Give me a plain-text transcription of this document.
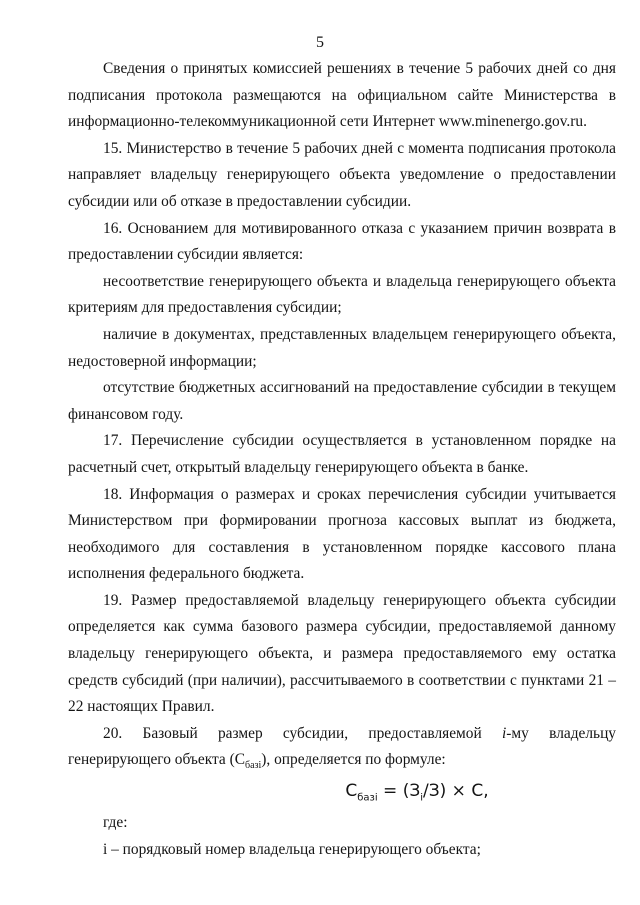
5

Сведения о принятых комиссией решениях в течение 5 рабочих дней со дня подписания протокола размещаются на официальном сайте Министерства в информационно-телекоммуникационной сети Интернет www.minenergo.gov.ru.

15. Министерство в течение 5 рабочих дней с момента подписания протокола направляет владельцу генерирующего объекта уведомление о предоставлении субсидии или об отказе в предоставлении субсидии.

16. Основанием для мотивированного отказа с указанием причин возврата в предоставлении субсидии является:

несоответствие генерирующего объекта и владельца генерирующего объекта критериям для предоставления субсидии;

наличие в документах, представленных владельцем генерирующего объекта, недостоверной информации;

отсутствие бюджетных ассигнований на предоставление субсидии в текущем финансовом году.

17. Перечисление субсидии осуществляется в установленном порядке на расчетный счет, открытый владельцу генерирующего объекта в банке.

18. Информация о размерах и сроках перечисления субсидии учитывается Министерством при формировании прогноза кассовых выплат из бюджета, необходимого для составления в установленном порядке кассового плана исполнения федерального бюджета.

19. Размер предоставляемой владельцу генерирующего объекта субсидии определяется как сумма базового размера субсидии, предоставляемой данному владельцу генерирующего объекта, и размера предоставляемого ему остатка средств субсидий (при наличии), рассчитываемого в соответствии с пунктами 21 – 22 настоящих Правил.

20. Базовый размер субсидии, предоставляемой i-му владельцу генерирующего объекта $(С_{базi})$, определяется по формуле:

$С_{базi} = (З_i/З) \times С$,

где:

i – порядковый номер владельца генерирующего объекта;
